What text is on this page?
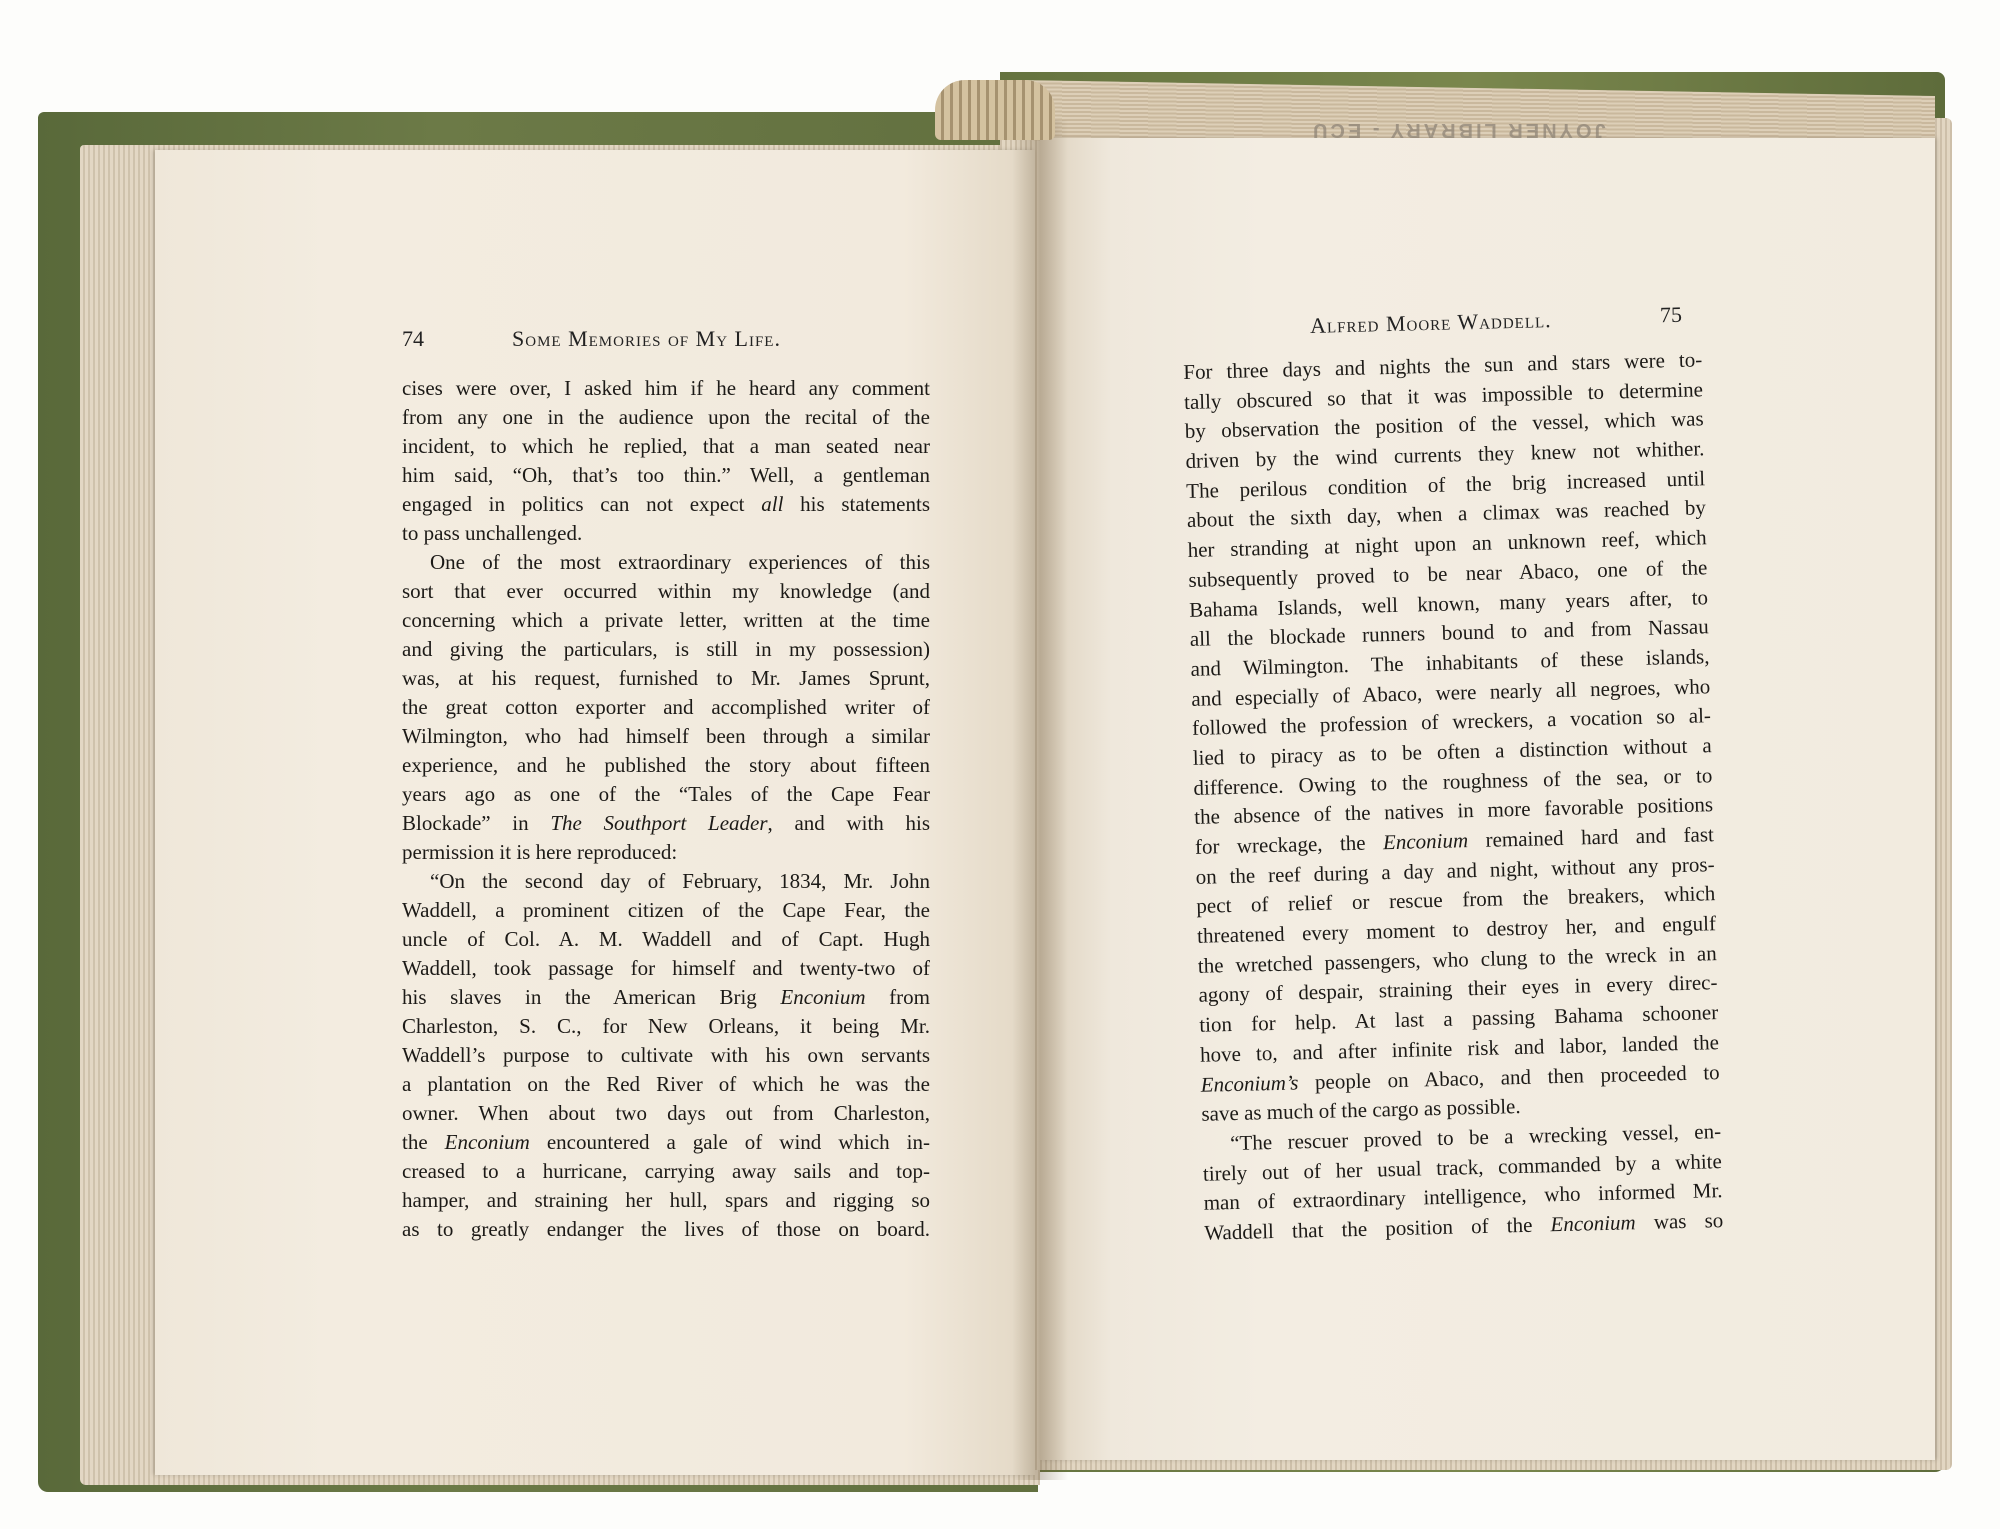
JOYNER LIBRARY - ECU
74	Some Memories of My Life.
Alfred Moore Waddell.	75
cises were over, I asked him if he heard any comment
from any one in the audience upon the recital of the
incident, to which he replied, that a man seated near
him said, “Oh, that’s too thin.” Well, a gentleman
engaged in politics can not expect all his statements
to pass unchallenged.
One of the most extraordinary experiences of this
sort that ever occurred within my knowledge (and
concerning which a private letter, written at the time
and giving the particulars, is still in my possession)
was, at his request, furnished to Mr. James Sprunt,
the great cotton exporter and accomplished writer of
Wilmington, who had himself been through a similar
experience, and he published the story about fifteen
years ago as one of the “Tales of the Cape Fear
Blockade” in The Southport Leader, and with his
permission it is here reproduced:
“On the second day of February, 1834, Mr. John
Waddell, a prominent citizen of the Cape Fear, the
uncle of Col. A. M. Waddell and of Capt. Hugh
Waddell, took passage for himself and twenty-two of
his slaves in the American Brig Enconium from
Charleston, S. C., for New Orleans, it being Mr.
Waddell’s purpose to cultivate with his own servants
a plantation on the Red River of which he was the
owner. When about two days out from Charleston,
the Enconium encountered a gale of wind which in-
creased to a hurricane, carrying away sails and top-
hamper, and straining her hull, spars and rigging so
as to greatly endanger the lives of those on board.
For three days and nights the sun and stars were to-
tally obscured so that it was impossible to determine
by observation the position of the vessel, which was
driven by the wind currents they knew not whither.
The perilous condition of the brig increased until
about the sixth day, when a climax was reached by
her stranding at night upon an unknown reef, which
subsequently proved to be near Abaco, one of the
Bahama Islands, well known, many years after, to
all the blockade runners bound to and from Nassau
and Wilmington. The inhabitants of these islands,
and especially of Abaco, were nearly all negroes, who
followed the profession of wreckers, a vocation so al-
lied to piracy as to be often a distinction without a
difference. Owing to the roughness of the sea, or to
the absence of the natives in more favorable positions
for wreckage, the Enconium remained hard and fast
on the reef during a day and night, without any pros-
pect of relief or rescue from the breakers, which
threatened every moment to destroy her, and engulf
the wretched passengers, who clung to the wreck in an
agony of despair, straining their eyes in every direc-
tion for help. At last a passing Bahama schooner
hove to, and after infinite risk and labor, landed the
Enconium’s people on Abaco, and then proceeded to
save as much of the cargo as possible.
“The rescuer proved to be a wrecking vessel, en-
tirely out of her usual track, commanded by a white
man of extraordinary intelligence, who informed Mr.
Waddell that the position of the Enconium was so
